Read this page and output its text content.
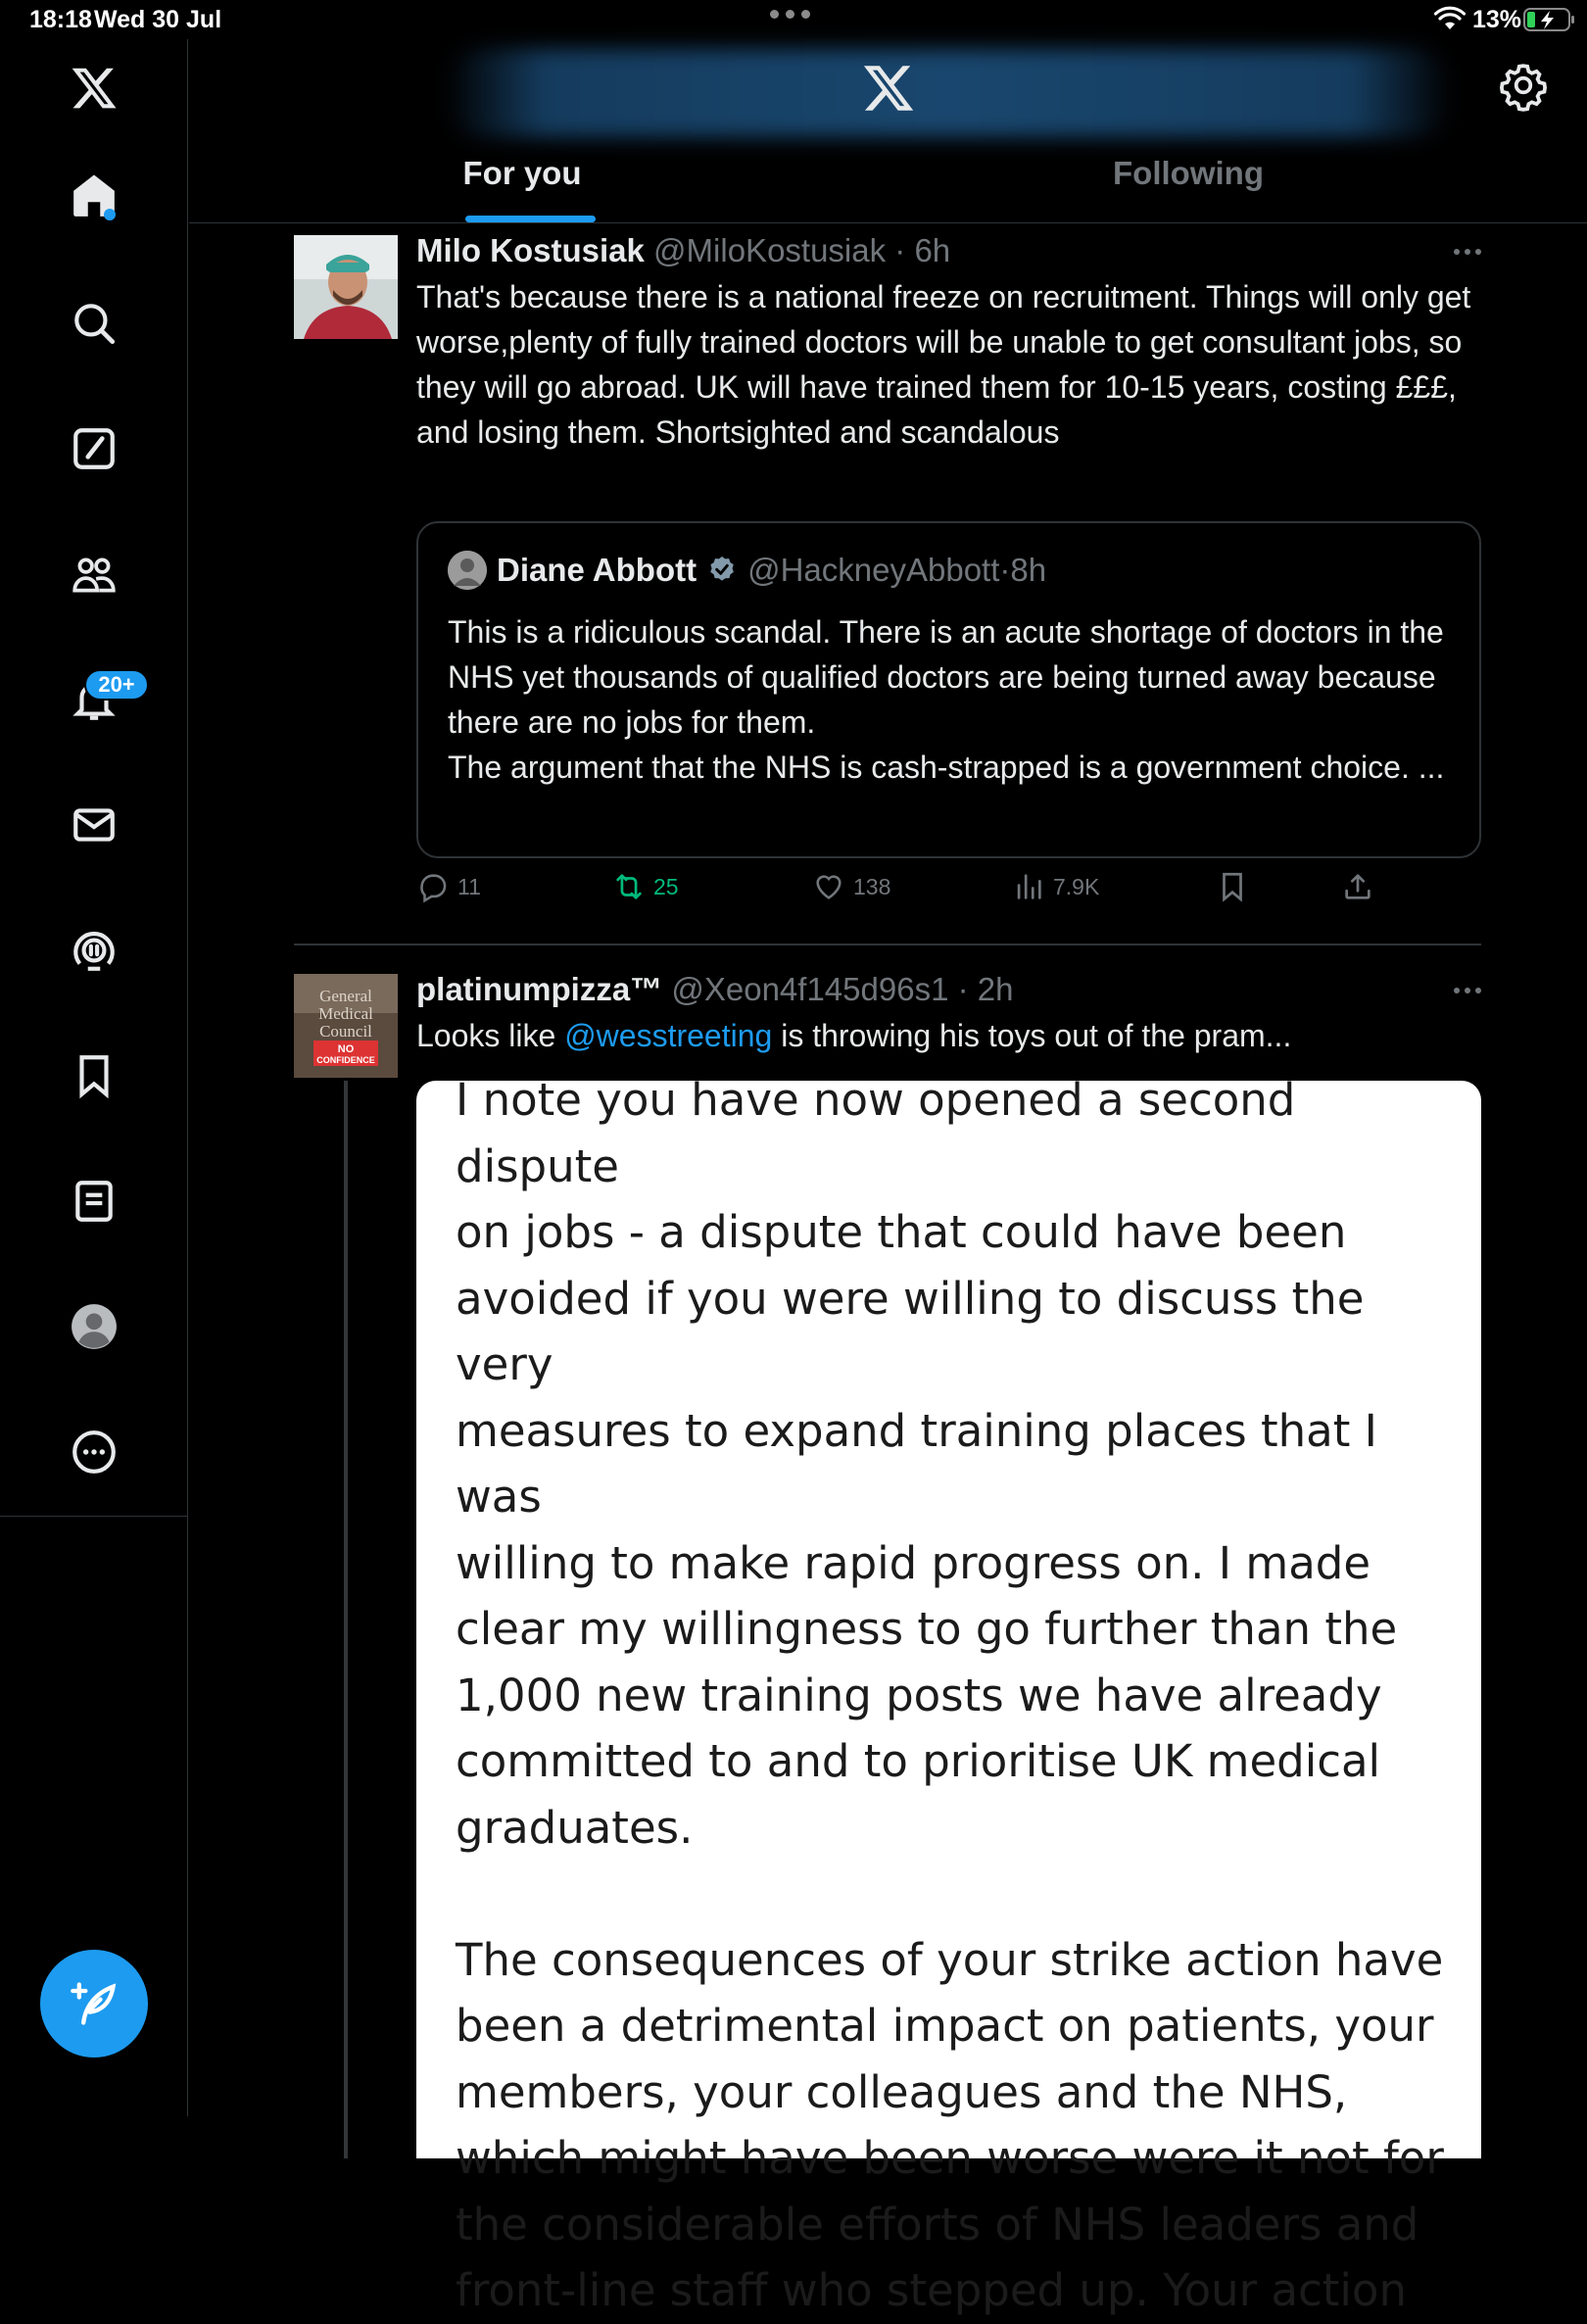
18:18 Wed 30 Jul	13%
20+
For you	Following
Milo Kostusiak @MiloKostusiak · 6h
That's because there is a national freeze on recruitment. Things will only get worse,plenty of fully trained doctors will be unable to get consultant jobs, so they will go abroad. UK will have trained them for 10-15 years, costing £££, and losing them. Shortsighted and scandalous
Diane Abbott @HackneyAbbott · 8h
This is a ridiculous scandal. There is an acute shortage of doctors in the NHS yet thousands of qualified doctors are being turned away because there are no jobs for them.
The argument that the NHS is cash-strapped is a government choice. ...
11	25	138	7.9K
General
Medical
Council
NO
CONFIDENCE
platinumpizza™ @Xeon4f145d96s1 · 2h
Looks like @wesstreeting is throwing his toys out of the pram...
I note you have now opened a second dispute
on jobs - a dispute that could have been
avoided if you were willing to discuss the very
measures to expand training places that I was
willing to make rapid progress on. I made
clear my willingness to go further than the
1,000 new training posts we have already
committed to and to prioritise UK medical
graduates.

The consequences of your strike action have
been a detrimental impact on patients, your
members, your colleagues and the NHS,
which might have been worse were it not for
the considerable efforts of NHS leaders and
front-line staff who stepped up. Your action
